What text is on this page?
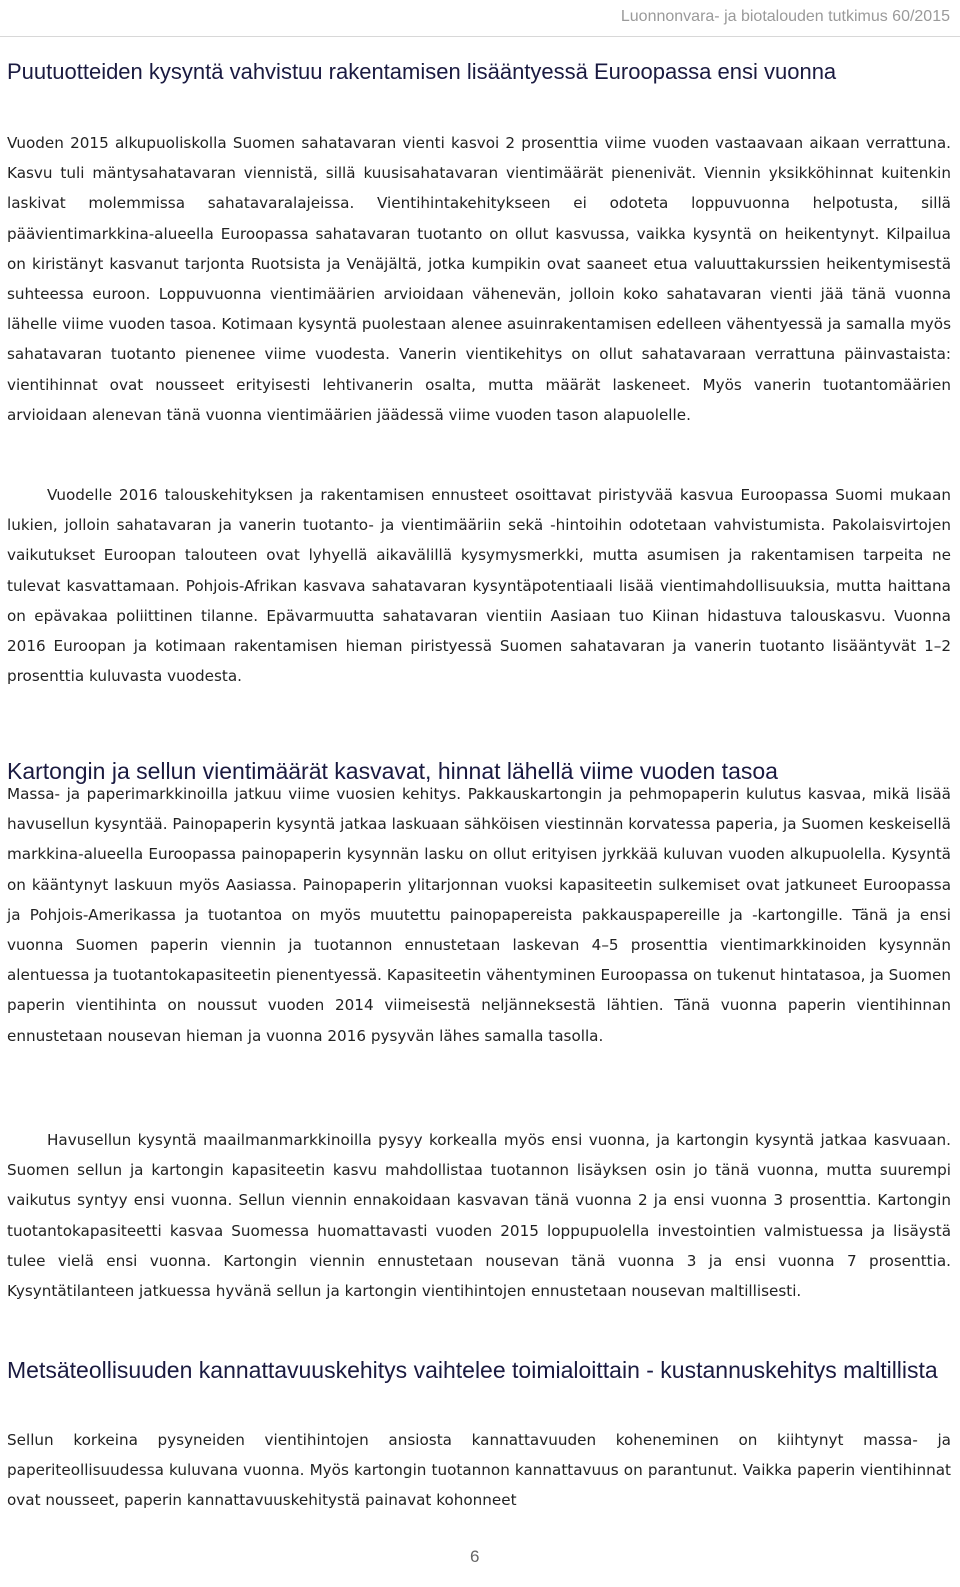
Luonnonvara- ja biotalouden tutkimus 60/2015
Puutuotteiden kysyntä vahvistuu rakentamisen lisääntyessä Euroopassa ensi vuonna

Vuoden 2015 alkupuoliskolla Suomen sahatavaran vienti kasvoi 2 prosenttia viime vuoden vastaavaan aikaan verrattuna. Kasvu tuli mäntysahatavaran viennistä, sillä kuusisahatavaran vientimäärät pienenivät. Viennin yksikköhinnat kuitenkin laskivat molemmissa sahatavaralajeissa. Vientihintakehitykseen ei odoteta loppuvuonna helpotusta, sillä päävientimarkkina-alueella Euroopassa sahatavaran tuotanto on ollut kasvussa, vaikka kysyntä on heikentynyt. Kilpailua on kiristänyt kasvanut tarjonta Ruotsista ja Venäjältä, jotka kumpikin ovat saaneet etua valuuttakurssien heikentymisestä suhteessa euroon. Loppuvuonna vientimäärien arvioidaan vähenevän, jolloin koko sahatavaran vienti jää tänä vuonna lähelle viime vuoden tasoa. Kotimaan kysyntä puolestaan alenee asuinrakentamisen edelleen vähentyessä ja samalla myös sahatavaran tuotanto pienenee viime vuodesta. Vanerin vientikehitys on ollut sahatavaraan verrattuna päinvastaista: vientihinnat ovat nousseet erityisesti lehtivanerin osalta, mutta määrät laskeneet. Myös vanerin tuotantomäärien arvioidaan alenevan tänä vuonna vientimäärien jäädessä viime vuoden tason alapuolelle.

Vuodelle 2016 talouskehityksen ja rakentamisen ennusteet osoittavat piristyvää kasvua Euroopassa Suomi mukaan lukien, jolloin sahatavaran ja vanerin tuotanto- ja vientimääriin sekä -hintoihin odotetaan vahvistumista. Pakolaisvirtojen vaikutukset Euroopan talouteen ovat lyhyellä aikavälillä kysymysmerkki, mutta asumisen ja rakentamisen tarpeita ne tulevat kasvattamaan. Pohjois-Afrikan kasvava sahatavaran kysyntäpotentiaali lisää vientimahdollisuuksia, mutta haittana on epävakaa poliittinen tilanne. Epävarmuutta sahatavaran vientiin Aasiaan tuo Kiinan hidastuva talouskasvu. Vuonna 2016 Euroopan ja kotimaan rakentamisen hieman piristyessä Suomen sahatavaran ja vanerin tuotanto lisääntyvät 1–2 prosenttia kuluvasta vuodesta.

Kartongin ja sellun vientimäärät kasvavat, hinnat lähellä viime vuoden tasoa

Massa- ja paperimarkkinoilla jatkuu viime vuosien kehitys. Pakkauskartongin ja pehmopaperin kulutus kasvaa, mikä lisää havusellun kysyntää. Painopaperin kysyntä jatkaa laskuaan sähköisen viestinnän korvatessa paperia, ja Suomen keskeisellä markkina-alueella Euroopassa painopaperin kysynnän lasku on ollut erityisen jyrkkää kuluvan vuoden alkupuolella. Kysyntä on kääntynyt laskuun myös Aasiassa. Painopaperin ylitarjonnan vuoksi kapasiteetin sulkemiset ovat jatkuneet Euroopassa ja Pohjois-Amerikassa ja tuotantoa on myös muutettu painopapereista pakkauspapereille ja -kartongille. Tänä ja ensi vuonna Suomen paperin viennin ja tuotannon ennustetaan laskevan 4–5 prosenttia vientimarkkinoiden kysynnän alentuessa ja tuotantokapasiteetin pienentyessä. Kapasiteetin vähentyminen Euroopassa on tukenut hintatasoa, ja Suomen paperin vientihinta on noussut vuoden 2014 viimeisestä neljänneksestä lähtien. Tänä vuonna paperin vientihinnan ennustetaan nousevan hieman ja vuonna 2016 pysyvän lähes samalla tasolla.

Havusellun kysyntä maailmanmarkkinoilla pysyy korkealla myös ensi vuonna, ja kartongin kysyntä jatkaa kasvuaan. Suomen sellun ja kartongin kapasiteetin kasvu mahdollistaa tuotannon lisäyksen osin jo tänä vuonna, mutta suurempi vaikutus syntyy ensi vuonna. Sellun viennin ennakoidaan kasvavan tänä vuonna 2 ja ensi vuonna 3 prosenttia. Kartongin tuotantokapasiteetti kasvaa Suomessa huomattavasti vuoden 2015 loppupuolella investointien valmistuessa ja lisäystä tulee vielä ensi vuonna. Kartongin viennin ennustetaan nousevan tänä vuonna 3 ja ensi vuonna 7 prosenttia. Kysyntätilanteen jatkuessa hyvänä sellun ja kartongin vientihintojen ennustetaan nousevan maltillisesti.

Metsäteollisuuden kannattavuuskehitys vaihtelee toimialoittain - kustannuskehitys maltillista

Sellun korkeina pysyneiden vientihintojen ansiosta kannattavuuden koheneminen on kiihtynyt massa- ja paperiteollisuudessa kuluvana vuonna. Myös kartongin tuotannon kannattavuus on parantunut. Vaikka paperin vientihinnat ovat nousseet, paperin kannattavuuskehitystä painavat kohonneet

6
